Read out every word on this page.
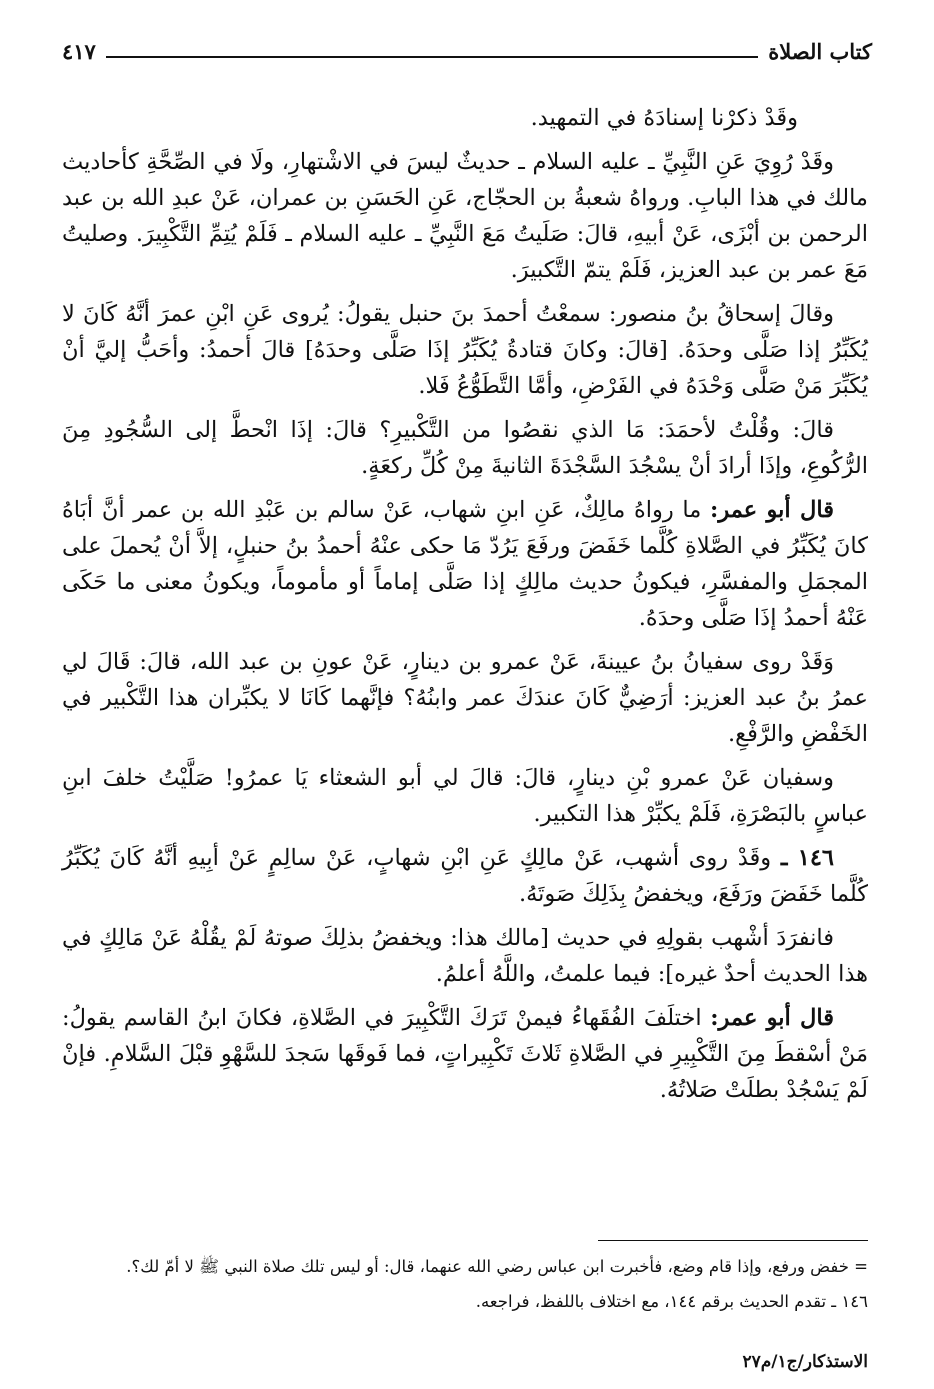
كتاب الصلاة
٤١٧

وقَدْ ذكرْنا إسنادَهُ في التمهيد.

وقَدْ رُوِيَ عَنِ النَّبِيِّ ـ عليه السلام ـ حديثٌ ليسَ في الاشْتهارِ، ولَا في الصِّحَّةِ كأحاديث مالك في هذا البابِ. ورواهُ شعبةُ بن الحجّاج، عَنِ الحَسَنِ بن عمران، عَنْ عبدِ الله بن عبد الرحمن بن أبْزَى، عَنْ أبيهِ، قالَ: صَلَيتُ مَعَ النَّبِيِّ ـ عليه السلام ـ فَلَمْ يُتِمِّ التَّكْبِيرَ. وصليتُ مَعَ عمر بن عبد العزيز، فَلَمْ يتمّ التَّكبيرَ.

وقالَ إسحاقُ بنُ منصور: سمعْتُ أحمدَ بنَ حنبل يقولُ: يُروى عَنِ ابْنِ عمرَ أنَّهُ كَانَ لا يُكَبِّرُ إذا صَلَّى وحدَهُ. [قالَ: وكانَ قتادةُ يُكَبِّرُ إذَا صَلَّى وحدَهُ] قالَ أحمدُ: وأحَبُّ إليَّ أنْ يُكَبِّرَ مَنْ صَلَّى وَحْدَهُ في الفَرْضِ، وأمَّا التَّطَوُّعُ فَلا.

قالَ: وقُلْتُ لأحمَدَ: مَا الذي نقصُوا من التَّكْبيرِ؟ قالَ: إذَا انْحطَّ إلى السُّجُودِ مِنَ الرُّكُوعِ، وإذَا أرادَ أنْ يسْجُدَ السَّجْدَةَ الثانيةَ مِنْ كُلِّ ركعَةٍ.

قال أبو عمر: ما رواهُ مالِكٌ، عَنِ ابنِ شهاب، عَنْ سالم بن عَبْدِ الله بن عمر أنَّ أبَاهُ كانَ يُكَبِّرُ في الصَّلاةِ كُلَّما خَفَضَ ورفَعَ يَرُدّ مَا حكى عنْهُ أحمدُ بنُ حنبلٍ، إلاَّ أنْ يُحملَ على المجمَلِ والمفسَّرِ، فيكونُ حديث مالِكٍ إذا صَلَّى إماماً أو مأموماً، ويكونُ معنى ما حَكَى عَنْهُ أحمدُ إذَا صَلَّى وحدَهُ.

وَقَدْ روى سفيانُ بنُ عيينةَ، عَنْ عمرو بن دينارٍ، عَنْ عونِ بن عبد الله، قالَ: قَالَ لي عمرُ بنُ عبد العزيز: أرَضِيٌّ كَانَ عندَكَ عمر وابنُهُ؟ فإنَّهما كَانَا لا يكبِّران هذا التَّكْبير في الخَفْضِ والرَّفْعِ.

وسفيان عَنْ عمرو بْنِ دينارٍ، قالَ: قالَ لي أبو الشعثاء يَا عمرُو! صَلَّيْتُ خلفَ ابنِ عباسٍ بالبَصْرَةِ، فَلَمْ يكبِّرْ هذا التكبير.

١٤٦ ـ وقَدْ روى أشهب، عَنْ مالِكٍ عَنِ ابْنِ شهابٍ، عَنْ سالِمٍ عَنْ أبِيهِ أنَّهُ كَانَ يُكَبِّرُ كُلَّما خَفَضَ ورَفَعَ، ويخفضُ بِذَلِكَ صَوتَهُ.

فانفرَدَ أشْهب بقولِهِ في حديث [مالك هذا: ويخفضُ بذلِكَ صوتهُ لَمْ يقُلْهُ عَنْ مَالِكٍ في هذا الحديث أحدٌ غيره]: فيما علمتُ، واللَّهُ أعلمُ.

قال أبو عمر: اختلَفَ الفُقَهاءُ فيمنْ تَرَكَ التَّكْبِيرَ في الصَّلاةِ، فكانَ ابنُ القاسم يقولُ: مَنْ أسْقطَ مِنَ التَّكْبِيرِ في الصَّلاةِ ثَلاثَ تَكْبِيراتٍ، فما فَوقَها سَجدَ للسَّهْوِ قبْلَ السَّلامِ. فإنْ لَمْ يَسْجُدْ بطلَتْ صَلاتُهُ.

= خفض ورفع، وإذا قام وضع، فأخبرت ابن عباس رضي الله عنهما، قال: أو ليس تلك صلاة النبي ﷺ لا أمّ لك؟.

١٤٦ ـ تقدم الحديث برقم ١٤٤، مع اختلاف باللفظ، فراجعه.

الاستذكار/ج١/م٢٧
